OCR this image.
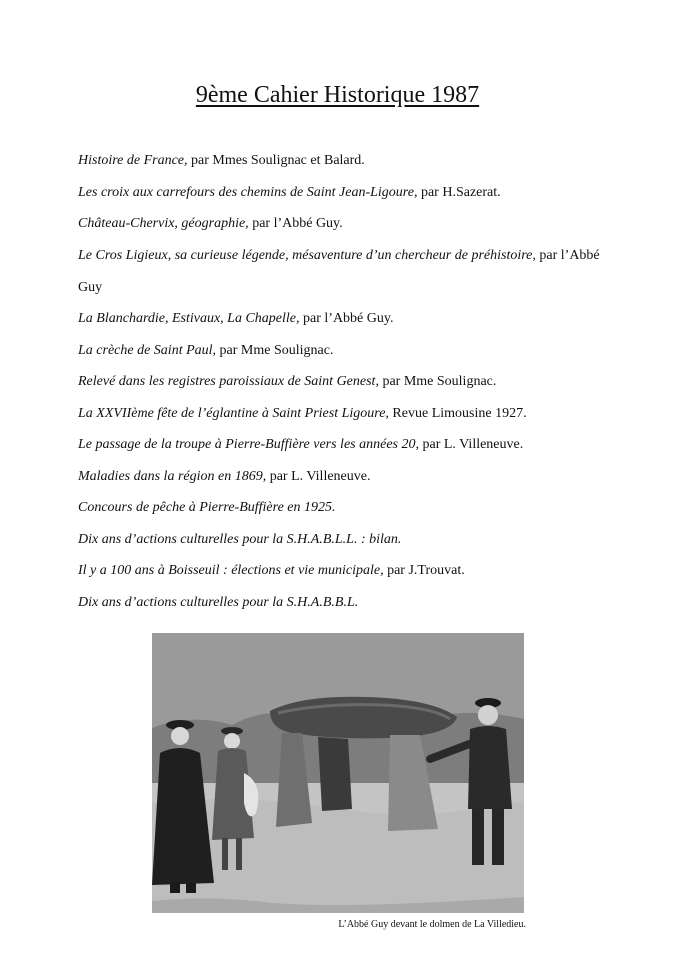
9ème Cahier Historique 1987
Histoire de France, par Mmes Soulignac et Balard.
Les croix aux carrefours des chemins de Saint Jean-Ligoure, par H.Sazerat.
Château-Chervix, géographie, par l’Abbé Guy.
Le Cros Ligieux, sa curieuse légende, mésaventure d’un chercheur de préhistoire, par l’Abbé
Guy
La Blanchardie, Estivaux, La Chapelle, par l’Abbé Guy.
La crèche de Saint Paul, par Mme Soulignac.
Relevé dans les registres paroissiaux de Saint Genest, par Mme Soulignac.
La XXVIIème fête de l’églantine à Saint Priest Ligoure, Revue Limousine 1927.
Le passage de la troupe à Pierre-Buffière vers les années 20, par L. Villeneuve.
Maladies dans la région en 1869, par L. Villeneuve.
Concours de pêche à Pierre-Buffière en 1925.
Dix ans d’actions culturelles pour la S.H.A.B.L.L. : bilan.
Il y a 100 ans à Boisseuil : élections et vie municipale, par J.Trouvat.
Dix ans d’actions culturelles pour la S.H.A.B.B.L.
L’Abbé Guy devant le dolmen de La Villedieu.
